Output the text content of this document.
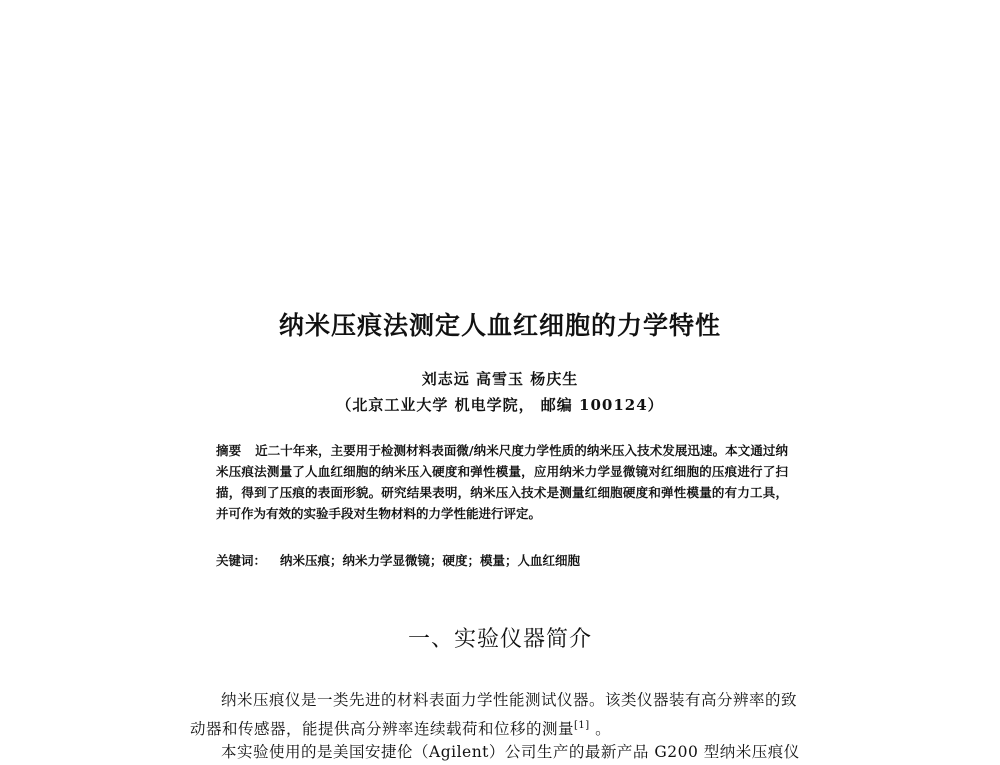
纳米压痕法测定人血红细胞的力学特性
刘志远 高雪玉 杨庆生
（北京工业大学 机电学院， 邮编 100124）
摘要 近二十年来，主要用于检测材料表面微/纳米尺度力学性质的纳米压入技术发展迅速。本文通过纳米压痕法测量了人血红细胞的纳米压入硬度和弹性模量，应用纳米力学显微镜对红细胞的压痕进行了扫描，得到了压痕的表面形貌。研究结果表明，纳米压入技术是测量红细胞硬度和弹性模量的有力工具，并可作为有效的实验手段对生物材料的力学性能进行评定。
关键词： 纳米压痕；纳米力学显微镜；硬度；模量；人血红细胞
一、实验仪器简介
纳米压痕仪是一类先进的材料表面力学性能测试仪器。该类仪器装有高分辨率的致动器和传感器，能提供高分辨率连续载荷和位移的测量[1] 。
本实验使用的是美国安捷伦（Agilent）公司生产的最新产品 G200 型纳米压痕仪
